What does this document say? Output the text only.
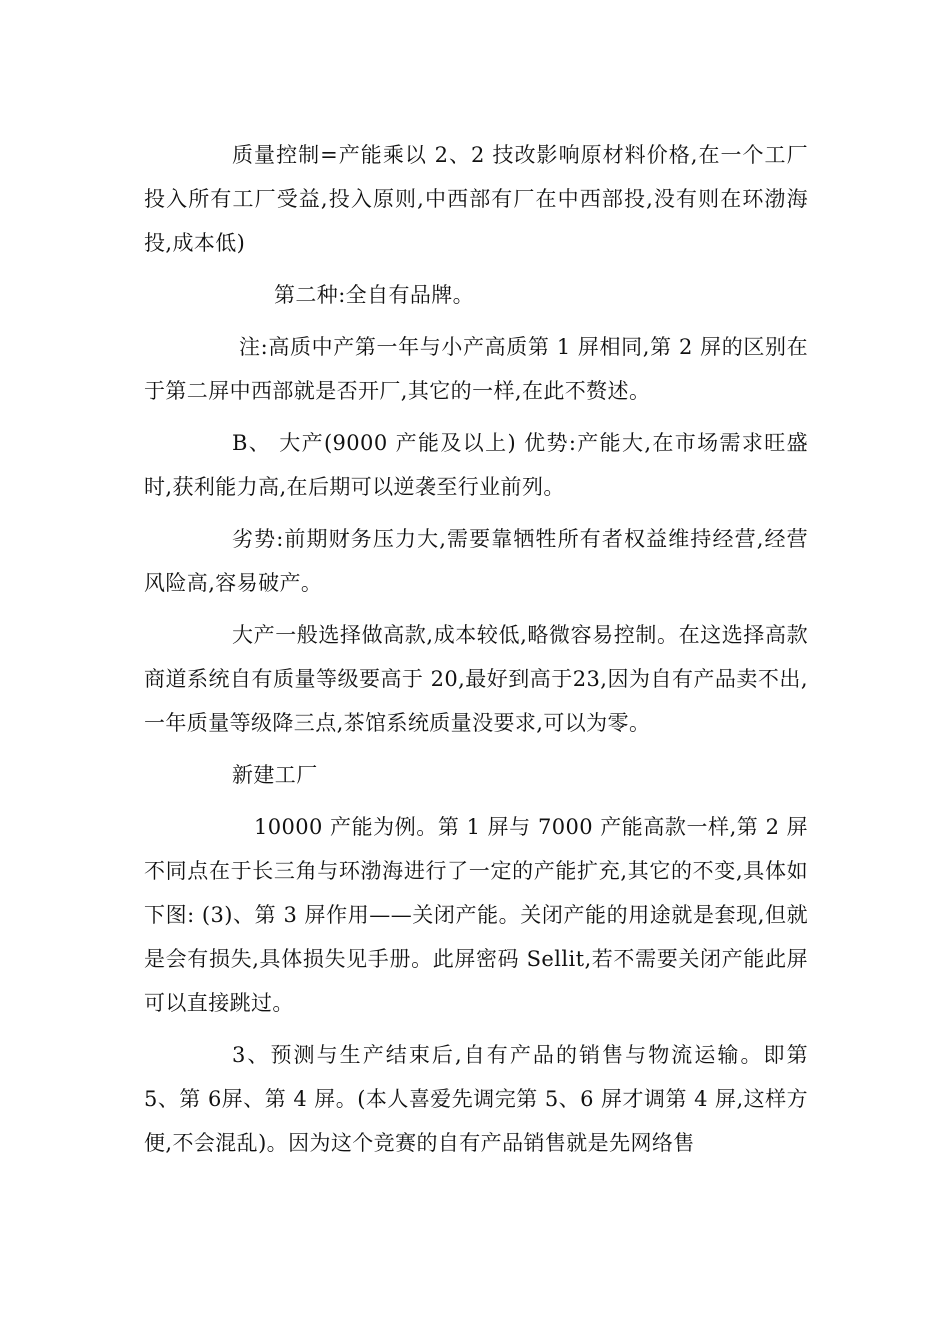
质量控制=产能乘以 2、2 技改影响原材料价格,在一个工厂投入所有工厂受益,投入原则,中西部有厂在中西部投,没有则在环渤海投,成本低)

第二种:全自有品牌。

注:高质中产第一年与小产高质第 1 屏相同,第 2 屏的区别在于第二屏中西部就是否开厂,其它的一样,在此不赘述。

B、 大产(9000 产能及以上) 优势:产能大,在市场需求旺盛时,获利能力高,在后期可以逆袭至行业前列。

劣势:前期财务压力大,需要靠牺牲所有者权益维持经营,经营风险高,容易破产。

大产一般选择做高款,成本较低,略微容易控制。在这选择高款商道系统自有质量等级要高于 20,最好到高于23,因为自有产品卖不出,一年质量等级降三点,茶馆系统质量没要求,可以为零。

新建工厂

10000 产能为例。第 1 屏与 7000 产能高款一样,第 2 屏不同点在于长三角与环渤海进行了一定的产能扩充,其它的不变,具体如下图: (3)、第 3 屏作用——关闭产能。关闭产能的用途就是套现,但就是会有损失,具体损失见手册。此屏密码 Sellit,若不需要关闭产能此屏可以直接跳过。

3、预测与生产结束后,自有产品的销售与物流运输。即第 5、第 6屏、第 4 屏。(本人喜爱先调完第 5、6 屏才调第 4 屏,这样方便,不会混乱)。因为这个竞赛的自有产品销售就是先网络售
